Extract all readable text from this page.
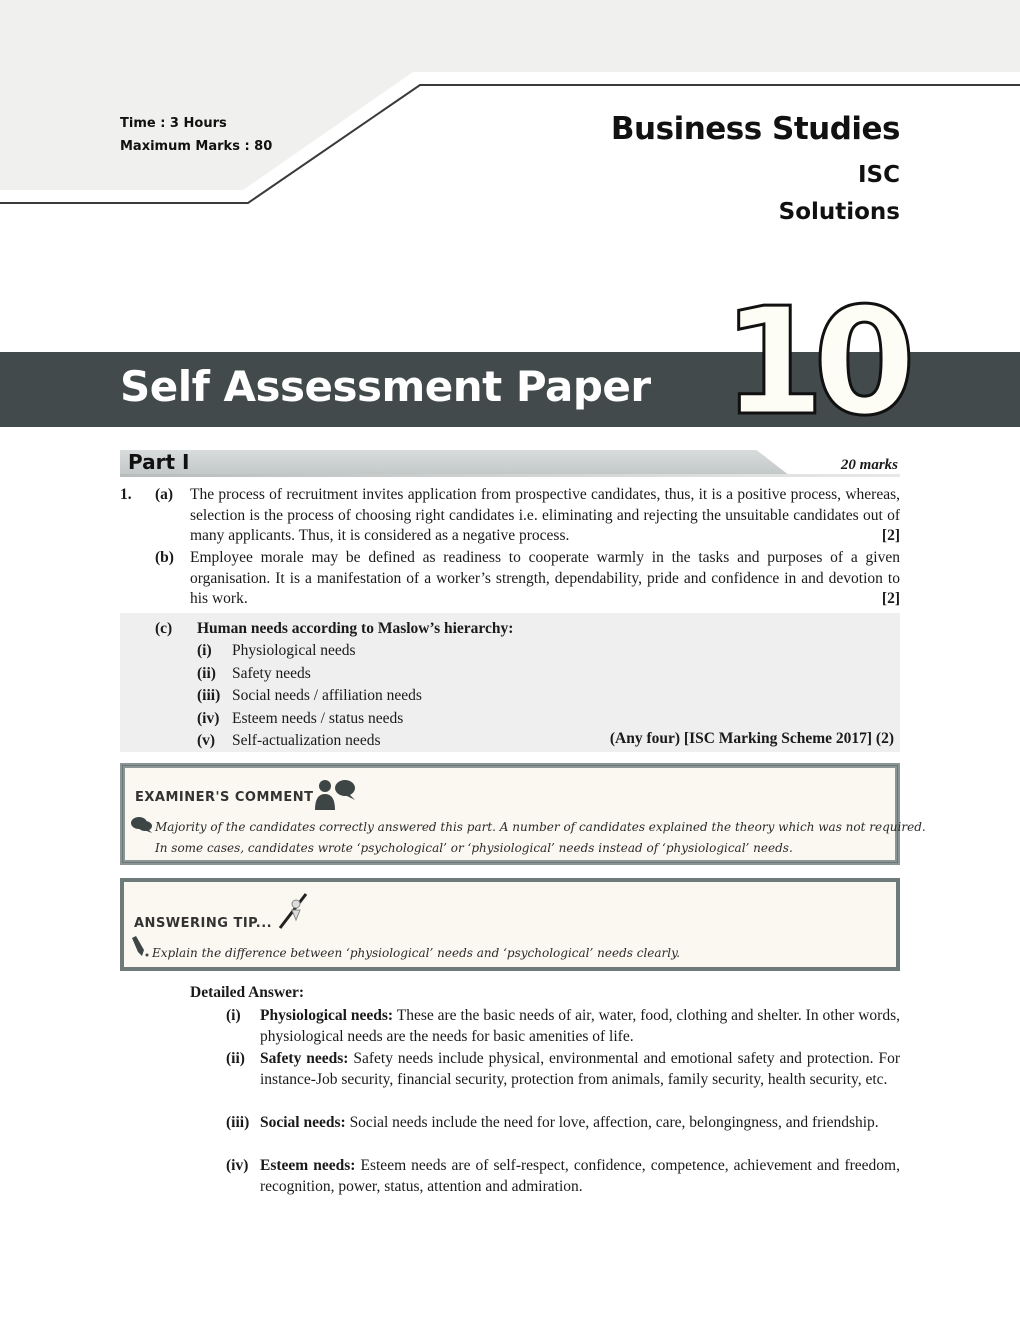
Time : 3 Hours
Maximum Marks : 80	Business Studies
ISC
Solutions
Self Assessment Paper 10
Part I	20 marks
1. (a) The process of recruitment invites application from prospective candidates, thus, it is a positive process, whereas, selection is the process of choosing right candidates i.e. eliminating and rejecting the unsuitable candidates out of many applicants. Thus, it is considered as a negative process.	[2]
(b) Employee morale may be defined as readiness to cooperate warmly in the tasks and purposes of a given organisation. It is a manifestation of a worker’s strength, dependability, pride and confidence in and devotion to his work.	[2]
(c) Human needs according to Maslow’s hierarchy:
(i) Physiological needs
(ii) Safety needs
(iii) Social needs / affiliation needs
(iv) Esteem needs / status needs
(v) Self-actualization needs	(Any four) [ISC Marking Scheme 2017] (2)
EXAMINER'S COMMENT
Majority of the candidates correctly answered this part. A number of candidates explained the theory which was not required.
In some cases, candidates wrote ‘psychological’ or ‘physiological’ needs instead of ‘physiological’ needs.
ANSWERING TIP...
Explain the difference between ‘physiological’ needs and ‘psychological’ needs clearly.
Detailed Answer:
(i) Physiological needs: These are the basic needs of air, water, food, clothing and shelter. In other words, physiological needs are the needs for basic amenities of life.
(ii) Safety needs: Safety needs include physical, environmental and emotional safety and protection. For instance-Job security, financial security, protection from animals, family security, health security, etc.
(iii) Social needs: Social needs include the need for love, affection, care, belongingness, and friendship.
(iv) Esteem needs: Esteem needs are of self-respect, confidence, competence, achievement and freedom, recognition, power, status, attention and admiration.
